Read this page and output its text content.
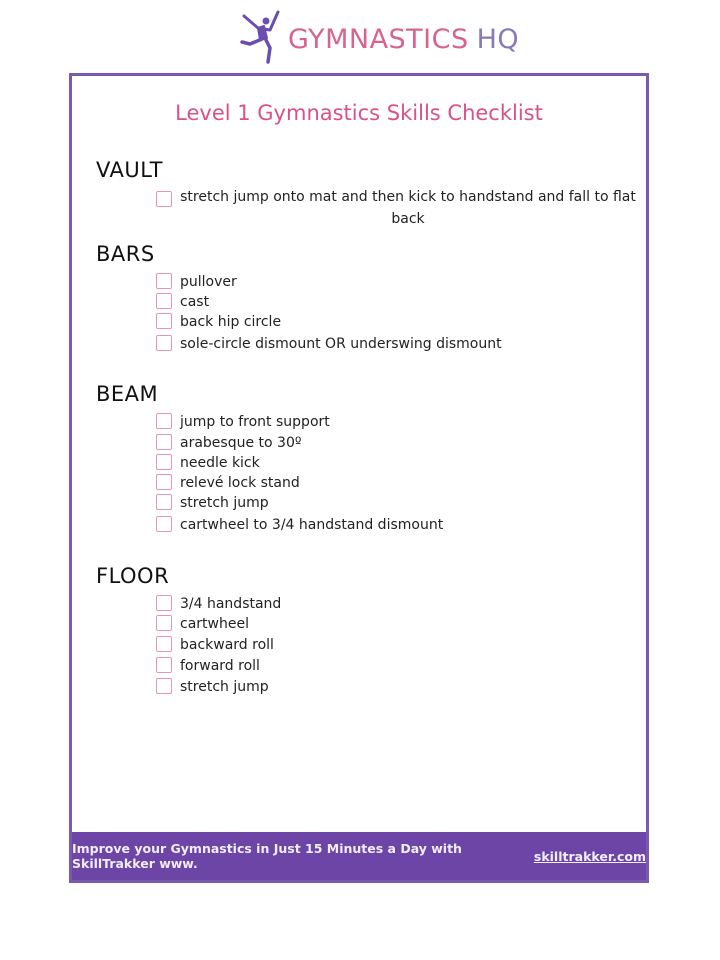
GYMNASTICS HQ
Level 1 Gymnastics Skills Checklist
VAULT
stretch jump onto mat and then kick to handstand and fall to flat back
BARS
pullover
cast
back hip circle
sole-circle dismount OR underswing dismount
BEAM
jump to front support
arabesque to 30º
needle kick
relevé lock stand
stretch jump
cartwheel to 3/4 handstand dismount
FLOOR
3/4 handstand
cartwheel
backward roll
forward roll
stretch jump
Improve your Gymnastics in Just 15 Minutes a Day with SkillTrakker www.	skilltrakker.com
